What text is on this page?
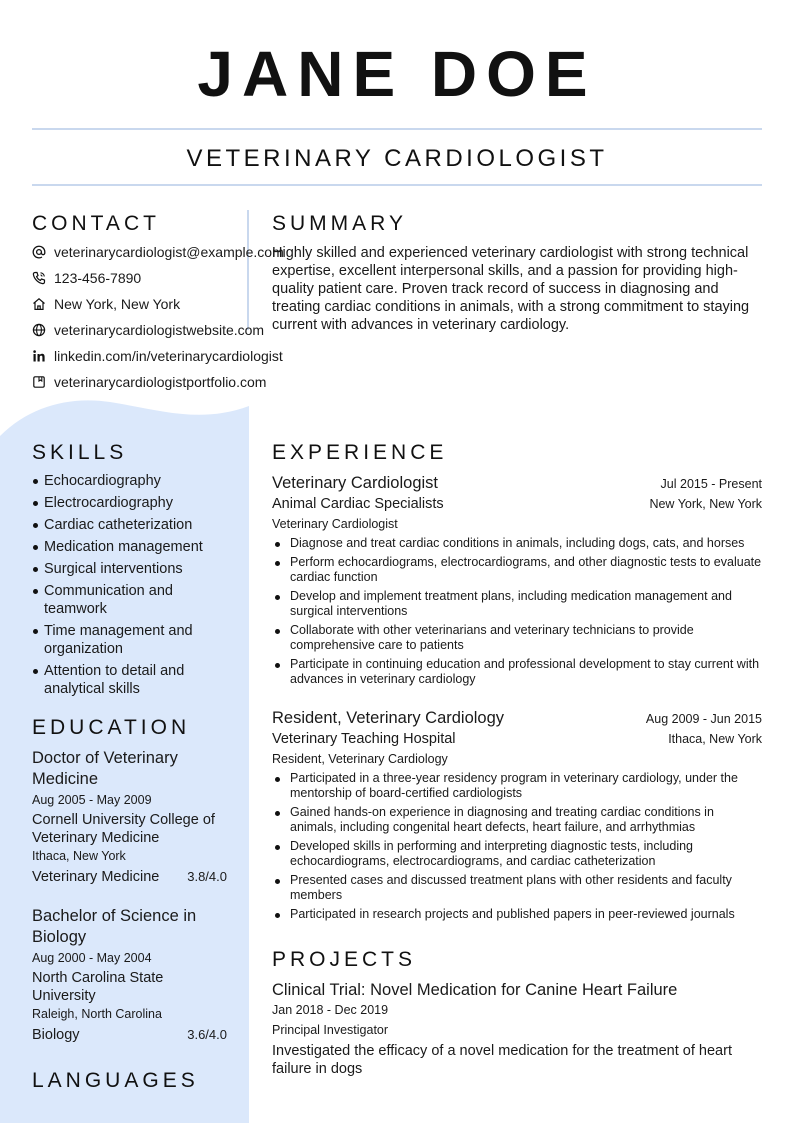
JANE DOE
VETERINARY CARDIOLOGIST
CONTACT
veterinarycardiologist@example.com
123-456-7890
New York, New York
veterinarycardiologistwebsite.com
linkedin.com/in/veterinarycardiologist
veterinarycardiologistportfolio.com
SUMMARY

Highly skilled and experienced veterinary cardiologist with strong technical expertise, excellent interpersonal skills, and a passion for providing high-quality patient care. Proven track record of success in diagnosing and treating cardiac conditions in animals, with a strong commitment to staying current with advances in veterinary cardiology.

SKILLS
Echocardiography
Electrocardiography
Cardiac catheterization
Medication management
Surgical interventions
Communication and teamwork
Time management and organization
Attention to detail and analytical skills
EDUCATION
Doctor of Veterinary Medicine
Aug 2005 - May 2009
Cornell University College of Veterinary Medicine
Ithaca, New York
Veterinary Medicine 3.8/4.0
Bachelor of Science in Biology
Aug 2000 - May 2004
North Carolina State University
Raleigh, North Carolina
Biology	3.6/4.0
LANGUAGES
EXPERIENCE
Veterinary Cardiologist	Jul 2015 - Present
Animal Cardiac Specialists	New York, New York
Veterinary Cardiologist
Diagnose and treat cardiac conditions in animals, including dogs, cats, and horses
Perform echocardiograms, electrocardiograms, and other diagnostic tests to evaluate cardiac function
Develop and implement treatment plans, including medication management and surgical interventions
Collaborate with other veterinarians and veterinary technicians to provide comprehensive care to patients
Participate in continuing education and professional development to stay current with advances in veterinary cardiology
Resident, Veterinary Cardiology	Aug 2009 - Jun 2015
Veterinary Teaching Hospital	Ithaca, New York
Resident, Veterinary Cardiology
Participated in a three-year residency program in veterinary cardiology, under the mentorship of board-certified cardiologists
Gained hands-on experience in diagnosing and treating cardiac conditions in animals, including congenital heart defects, heart failure, and arrhythmias
Developed skills in performing and interpreting diagnostic tests, including echocardiograms, electrocardiograms, and cardiac catheterization
Presented cases and discussed treatment plans with other residents and faculty members
Participated in research projects and published papers in peer-reviewed journals
PROJECTS
Clinical Trial: Novel Medication for Canine Heart Failure
Jan 2018 - Dec 2019
Principal Investigator
Investigated the efficacy of a novel medication for the treatment of heart failure in dogs
